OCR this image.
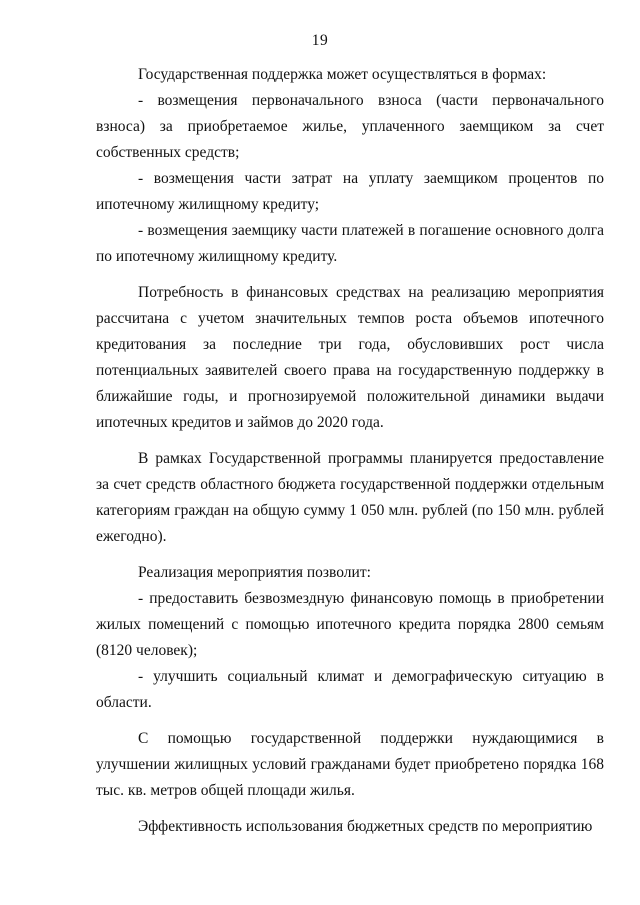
19

Государственная поддержка может осуществляться в формах:

- возмещения первоначального взноса (части первоначального взноса) за приобретаемое жилье, уплаченного заемщиком за счет собственных средств;

- возмещения части затрат на уплату заемщиком процентов по ипотечному жилищному кредиту;

- возмещения заемщику части платежей в погашение основного долга по ипотечному жилищному кредиту.

Потребность в финансовых средствах на реализацию мероприятия рассчитана с учетом значительных темпов роста объемов ипотечного кредитования за последние три года, обусловивших рост числа потенциальных заявителей своего права на государственную поддержку в ближайшие годы, и прогнозируемой положительной динамики выдачи ипотечных кредитов и займов до 2020 года.

В рамках Государственной программы планируется предоставление за счет средств областного бюджета государственной поддержки отдельным категориям граждан на общую сумму 1 050 млн. рублей (по 150 млн. рублей ежегодно).

Реализация мероприятия позволит:

- предоставить безвозмездную финансовую помощь в приобретении жилых помещений с помощью ипотечного кредита порядка 2800 семьям (8120 человек);

- улучшить социальный климат и демографическую ситуацию в области.

С помощью государственной поддержки нуждающимися в улучшении жилищных условий гражданами будет приобретено порядка 168 тыс. кв. метров общей площади жилья.

Эффективность использования бюджетных средств по мероприятию
